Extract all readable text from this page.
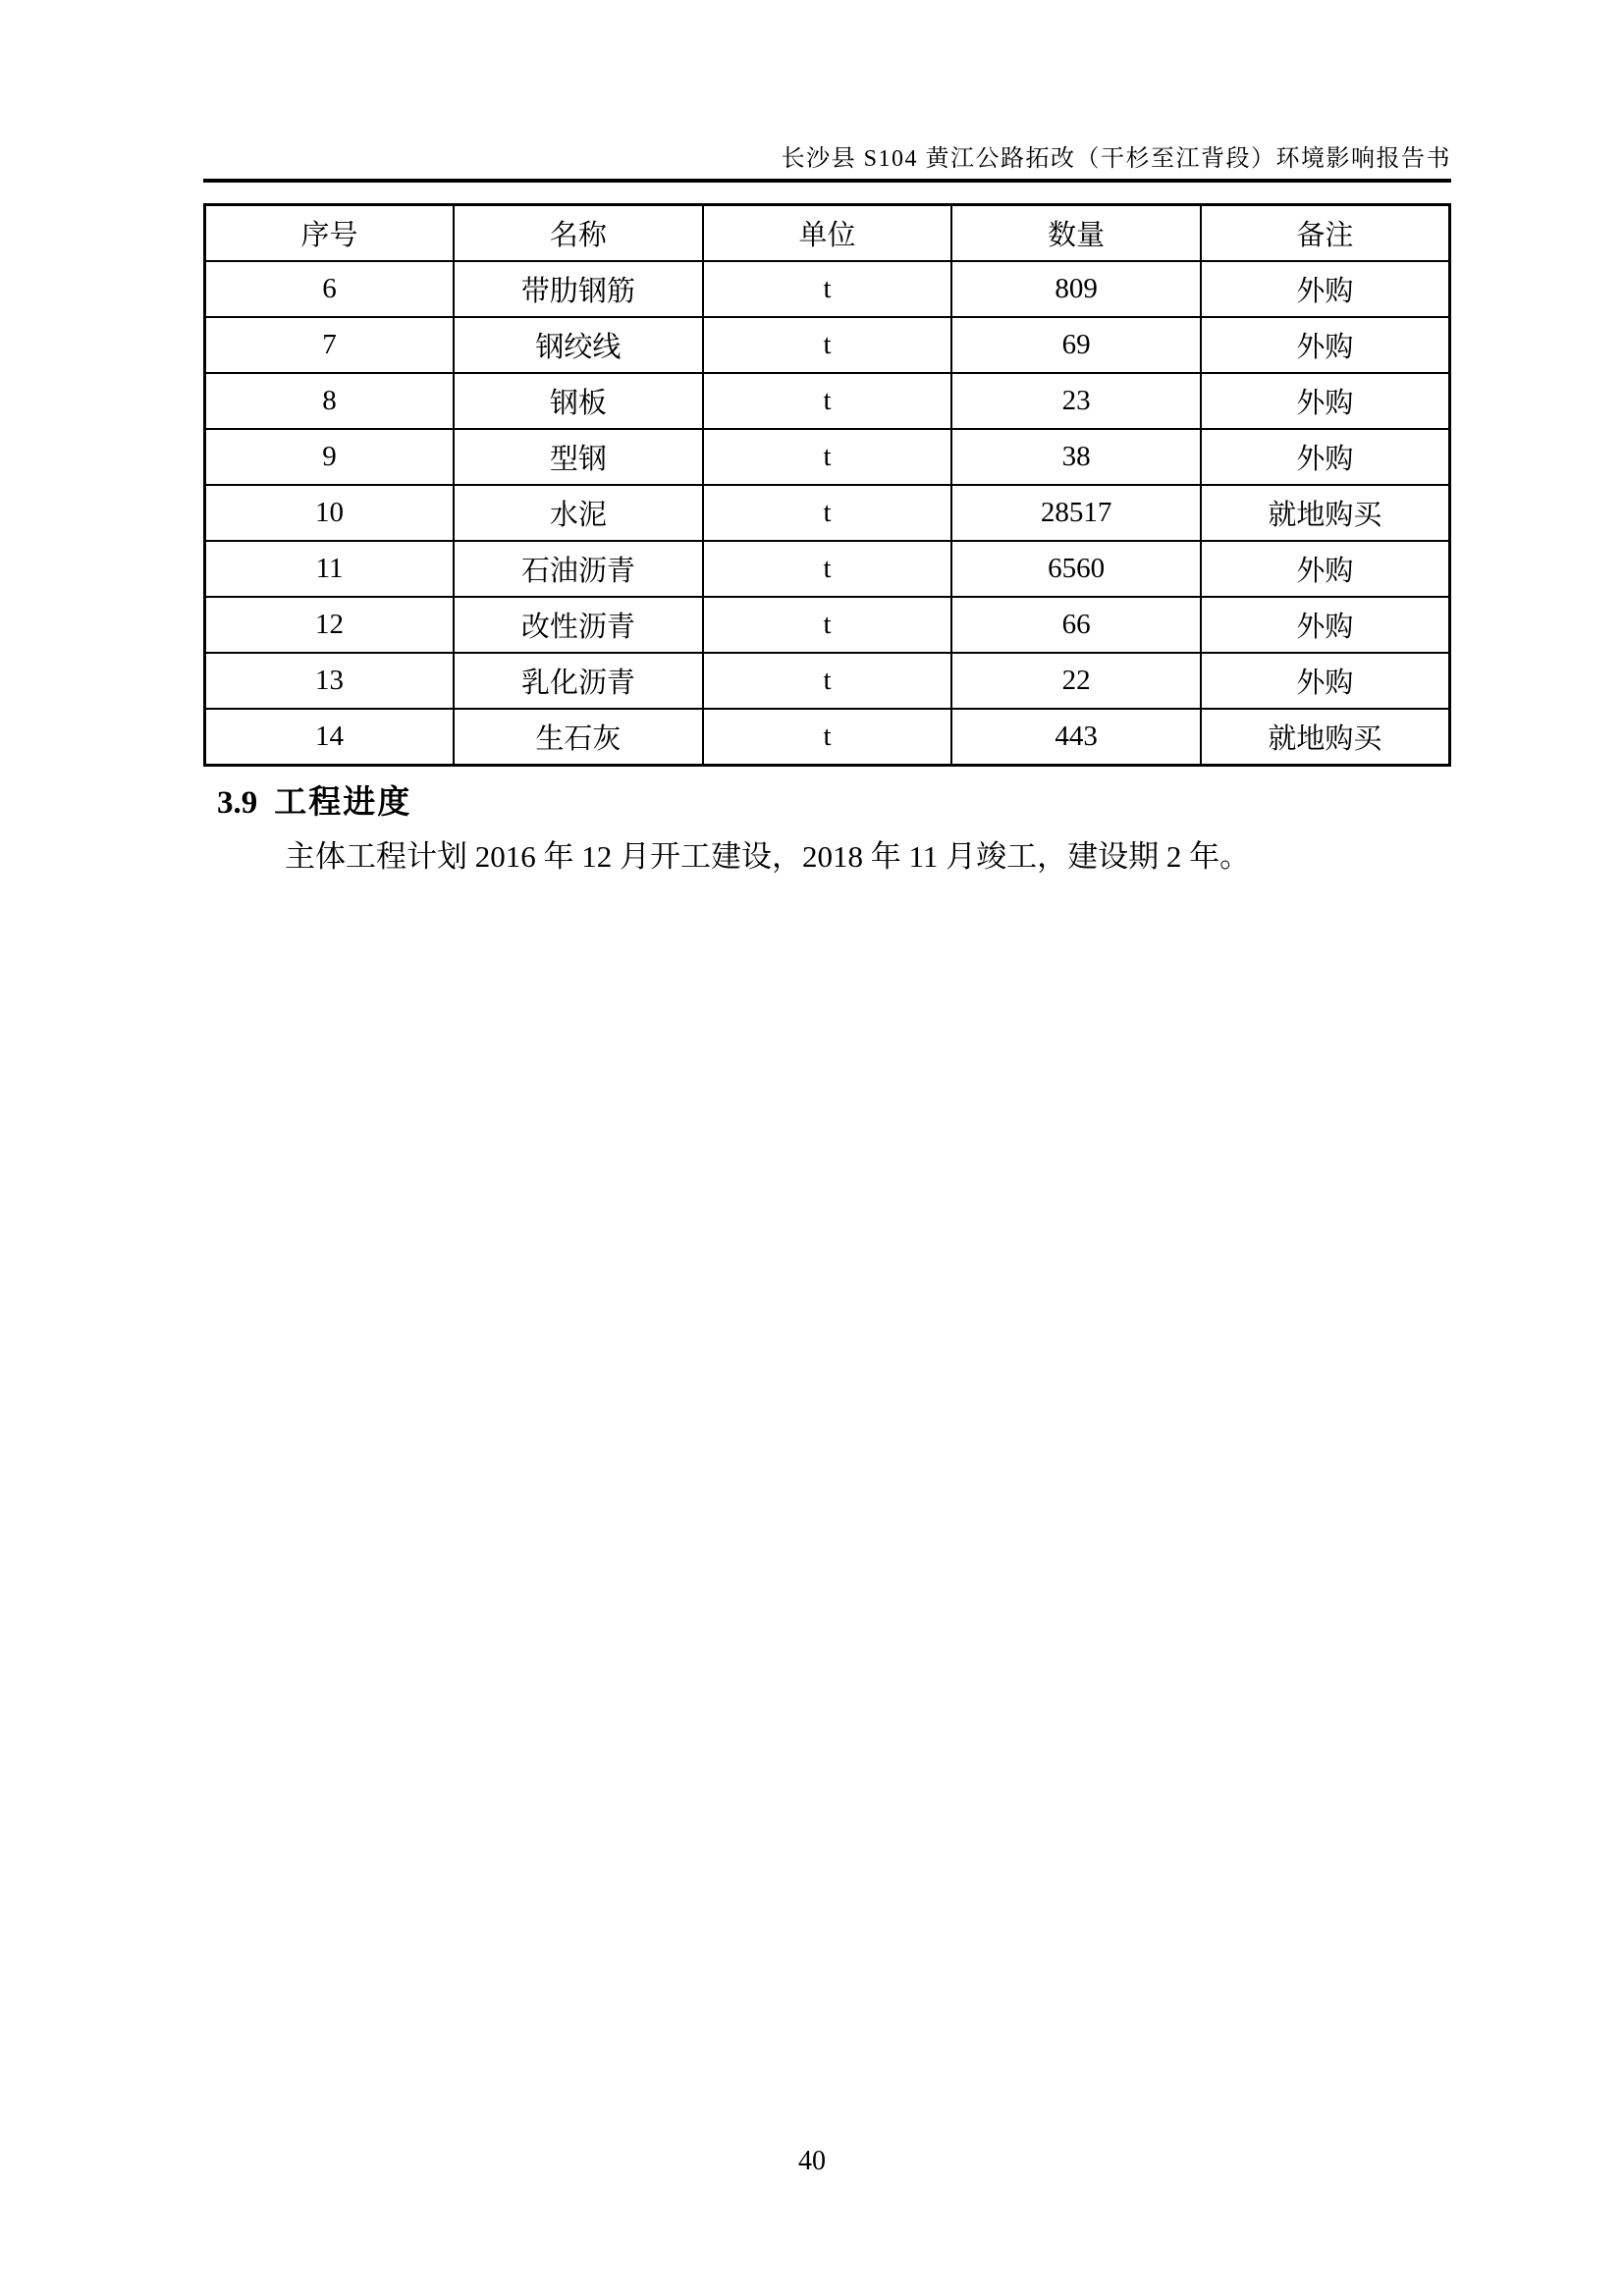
长沙县 S104 黄江公路拓改（干杉至江背段）环境影响报告书
序号	名称	单位	数量	备注
6	带肋钢筋	t	809	外购
7	钢绞线	t	69	外购
8	钢板	t	23	外购
9	型钢	t	38	外购
10	水泥	t	28517	就地购买
11	石油沥青	t	6560	外购
12	改性沥青	t	66	外购
13	乳化沥青	t	22	外购
14	生石灰	t	443	就地购买
3.9 工程进度

主体工程计划 2016 年 12 月开工建设，2018 年 11 月竣工，建设期 2 年。

40
